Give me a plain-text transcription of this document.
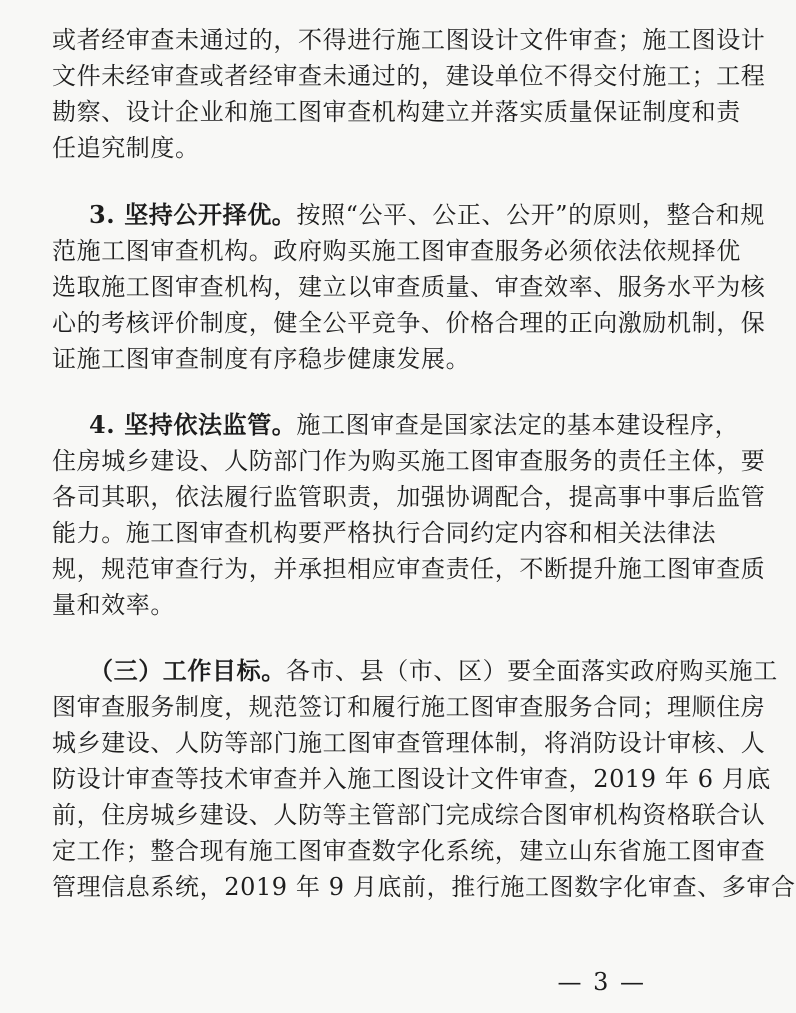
或者经审查未通过的，不得进行施工图设计文件审查；施工图设计
文件未经审查或者经审查未通过的，建设单位不得交付施工；工程
勘察、设计企业和施工图审查机构建立并落实质量保证制度和责
任追究制度。
3. 坚持公开择优。按照“公平、公正、公开”的原则，整合和规
范施工图审查机构。政府购买施工图审查服务必须依法依规择优
选取施工图审查机构，建立以审查质量、审查效率、服务水平为核
心的考核评价制度，健全公平竞争、价格合理的正向激励机制，保
证施工图审查制度有序稳步健康发展。
4. 坚持依法监管。施工图审查是国家法定的基本建设程序，
住房城乡建设、人防部门作为购买施工图审查服务的责任主体，要
各司其职，依法履行监管职责，加强协调配合，提高事中事后监管
能力。施工图审查机构要严格执行合同约定内容和相关法律法
规，规范审查行为，并承担相应审查责任，不断提升施工图审查质
量和效率。
（三）工作目标。各市、县（市、区）要全面落实政府购买施工
图审查服务制度，规范签订和履行施工图审查服务合同；理顺住房
城乡建设、人防等部门施工图审查管理体制，将消防设计审核、人
防设计审查等技术审查并入施工图设计文件审查，2019 年 6 月底
前，住房城乡建设、人防等主管部门完成综合图审机构资格联合认
定工作；整合现有施工图审查数字化系统，建立山东省施工图审查
管理信息系统，2019 年 9 月底前，推行施工图数字化审查、多审合
— 3 —
